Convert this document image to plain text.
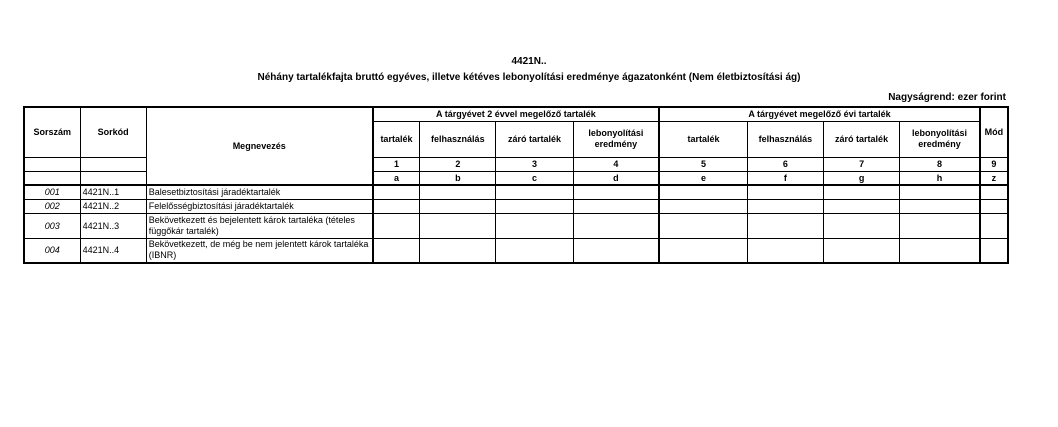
4421N..
Néhány tartalékfajta bruttó egyéves, illetve kétéves lebonyolítási eredménye ágazatonként (Nem életbiztosítási ág)
Nagyságrend: ezer forint
Sorszám	Sorkód	Megnevezés	A tárgyévet 2 évvel megelőző tartalék				A tárgyévet megelőző évi tartalék				Mód
			tartalék	felhasználás	záró tartalék	lebonyolítási eredmény	tartalék	felhasználás	záró tartalék	lebonyolítási eredmény	
			1	2	3	4	5	6	7	8	9
			a	b	c	d	e	f	g	h	z
001	4421N..1	Balesetbiztosítási járadéktartalék									
002	4421N..2	Felelősségbiztosítási járadéktartalék									
003	4421N..3	Bekövetkezett és bejelentett károk tartaléka (tételes függőkár tartalék)									
004	4421N..4	Bekövetkezett, de még be nem jelentett károk tartaléka (IBNR)									
